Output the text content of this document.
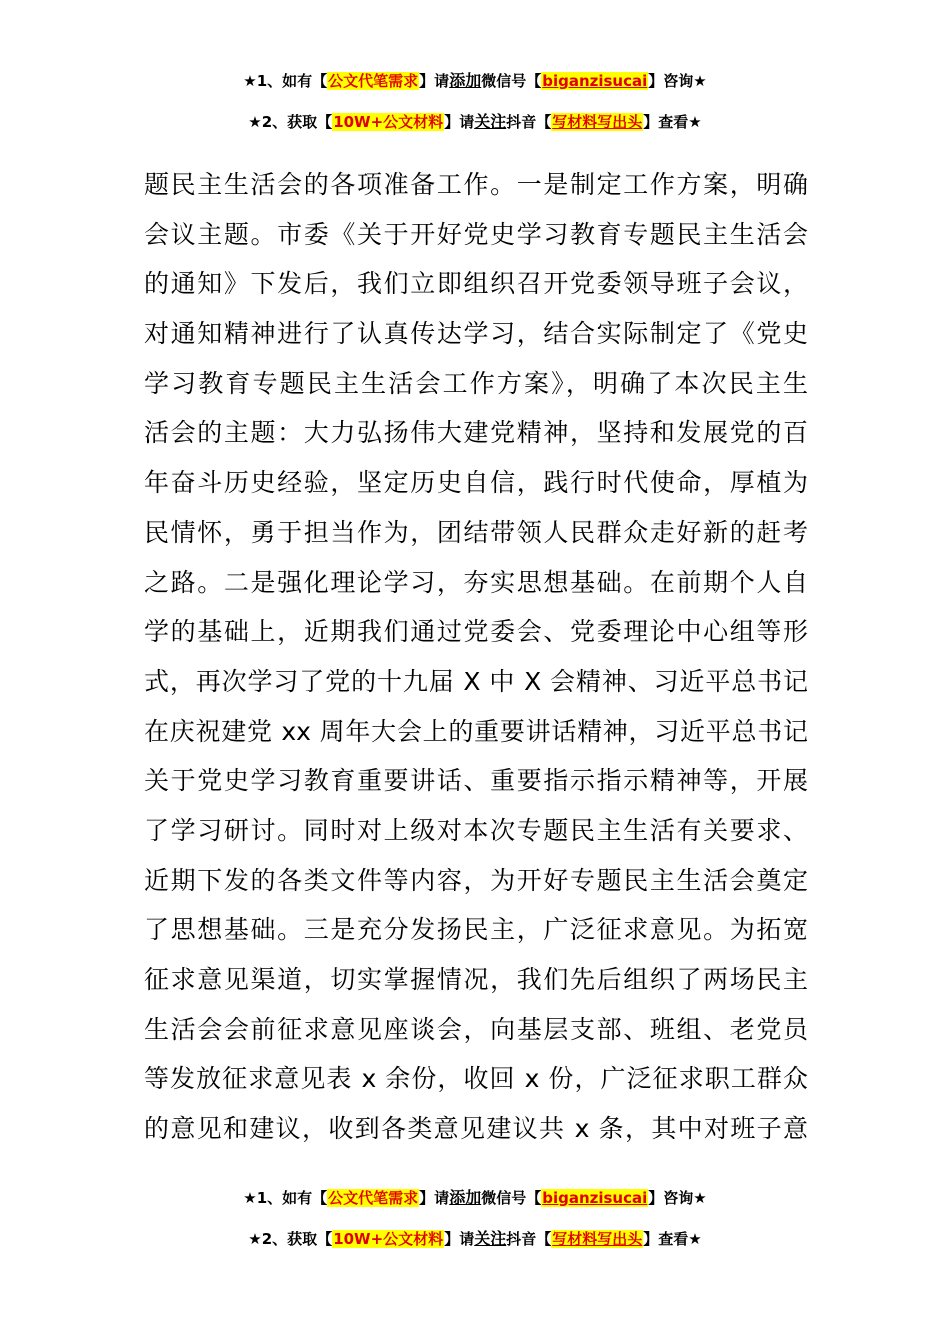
★1、如有【公文代笔需求】请添加微信号【biganzisucai】咨询★
★2、获取【10W+公文材料】请关注抖音【写材料写出头】查看★
题民主生活会的各项准备工作。一是制定工作方案，明确
会议主题。市委《关于开好党史学习教育专题民主生活会
的通知》下发后，我们立即组织召开党委领导班子会议，
对通知精神进行了认真传达学习，结合实际制定了《党史
学习教育专题民主生活会工作方案》，明确了本次民主生
活会的主题：大力弘扬伟大建党精神，坚持和发展党的百
年奋斗历史经验，坚定历史自信，践行时代使命，厚植为
民情怀，勇于担当作为，团结带领人民群众走好新的赶考
之路。二是强化理论学习，夯实思想基础。在前期个人自
学的基础上，近期我们通过党委会、党委理论中心组等形
式，再次学习了党的十九届 X 中 X 会精神、习近平总书记
在庆祝建党 xx 周年大会上的重要讲话精神，习近平总书记
关于党史学习教育重要讲话、重要指示指示精神等，开展
了学习研讨。同时对上级对本次专题民主生活有关要求、
近期下发的各类文件等内容，为开好专题民主生活会奠定
了思想基础。三是充分发扬民主，广泛征求意见。为拓宽
征求意见渠道，切实掌握情况，我们先后组织了两场民主
生活会会前征求意见座谈会，向基层支部、班组、老党员
等发放征求意见表 x 余份，收回 x 份，广泛征求职工群众
的意见和建议，收到各类意见建议共 x 条，其中对班子意
★1、如有【公文代笔需求】请添加微信号【biganzisucai】咨询★
★2、获取【10W+公文材料】请关注抖音【写材料写出头】查看★
